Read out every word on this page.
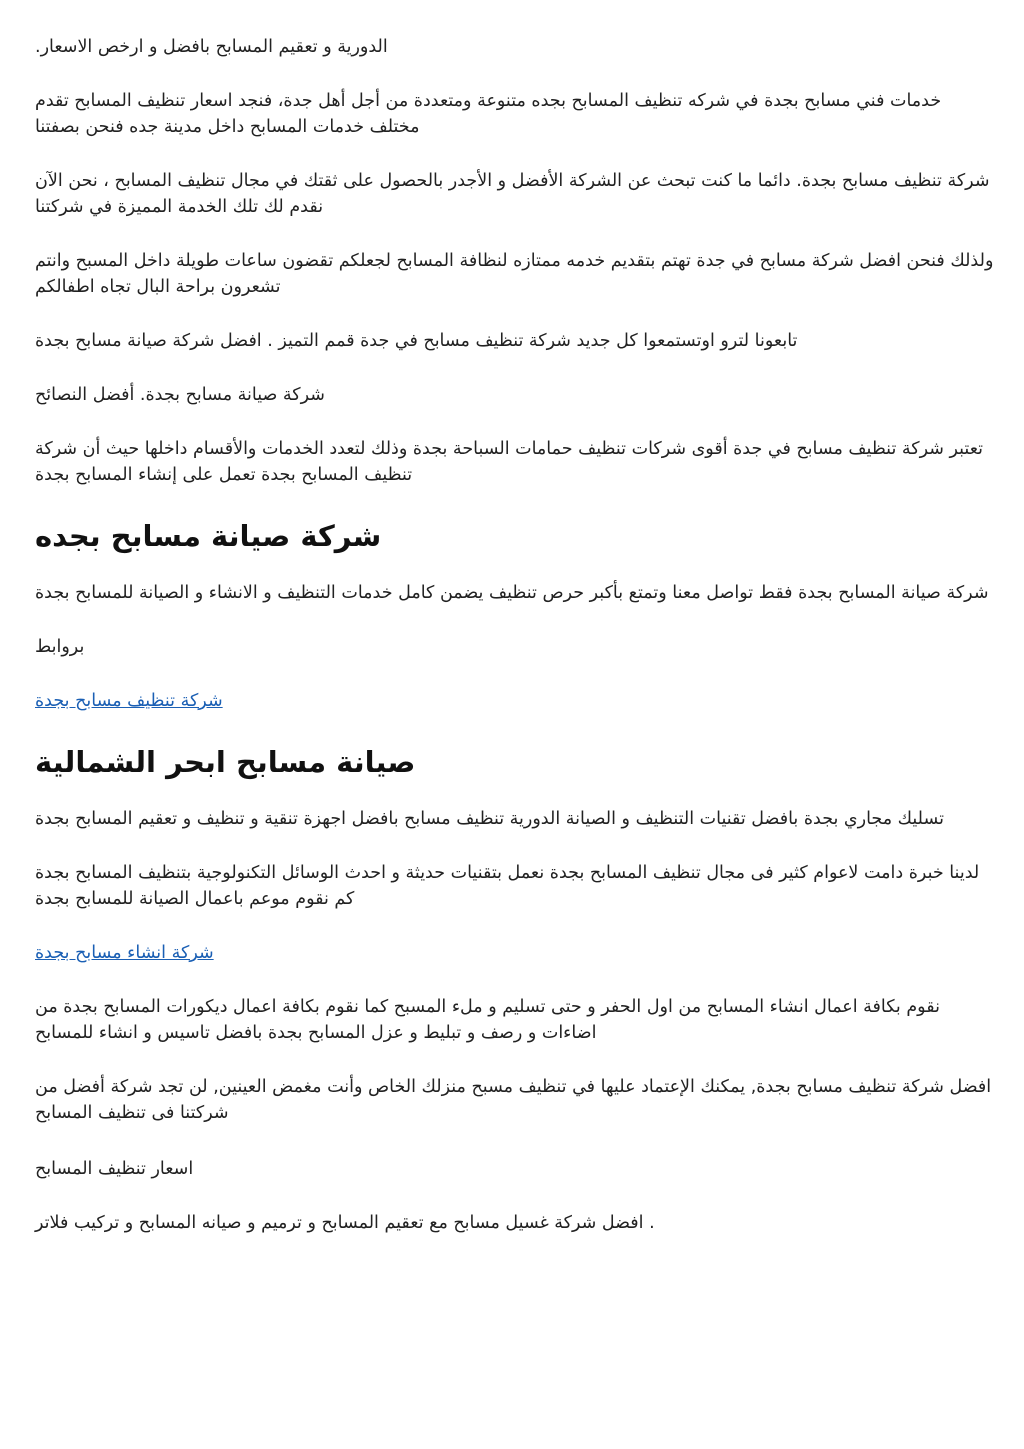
الدورية و تعقيم المسابح بافضل و ارخص الاسعار.

خدمات فني مسابح بجدة في شركه تنظيف المسابح بجده متنوعة ومتعددة من أجل أهل جدة، فنجد اسعار تنظيف المسابح تقدم مختلف خدمات المسابح داخل مدينة جده فنحن بصفتنا

شركة تنظيف مسابح بجدة. دائما ما كنت تبحث عن الشركة الأفضل و الأجدر بالحصول على ثقتك في مجال تنظيف المسابح ، نحن الآن نقدم لك تلك الخدمة المميزة في شركتنا

ولذلك فنحن افضل شركة مسابح في جدة تهتم بتقديم خدمه ممتازه لنظافة المسابح لجعلكم تقضون ساعات طويلة داخل المسبح وانتم تشعرون براحة البال تجاه اطفالكم

تابعونا لترو اوتستمعوا كل جديد شركة تنظيف مسابح في جدة قمم التميز . افضل شركة صيانة مسابح بجدة

شركة صيانة مسابح بجدة. أفضل النصائح

تعتبر شركة تنظيف مسابح في جدة أقوى شركات تنظيف حمامات السباحة بجدة وذلك لتعدد الخدمات والأقسام داخلها حيث أن شركة تنظيف المسابح بجدة تعمل على إنشاء المسابح بجدة

شركة صيانة مسابح بجده

شركة صيانة المسابح بجدة فقط تواصل معنا وتمتع بأكبر حرص تنظيف يضمن كامل خدمات التنظيف و الانشاء و الصيانة للمسابح بجدة

بروابط

شركة تنظيف مسابح بجدة
صيانة مسابح ابحر الشمالية

تسليك مجاري بجدة بافضل تقنيات التنظيف و الصيانة الدورية تنظيف مسابح بافضل اجهزة تنقية و تنظيف و تعقيم المسابح بجدة

لدينا خبرة دامت لاعوام كثير فى مجال تنظيف المسابح بجدة نعمل بتقنيات حديثة و احدث الوسائل التكنولوجية بتنظيف المسابح بجدة كم نقوم موعم باعمال الصيانة للمسابح بجدة

شركة انشاء مسابح بجدة

نقوم بكافة اعمال انشاء المسابح من اول الحفر و حتى تسليم و ملء المسبح كما نقوم بكافة اعمال ديكورات المسابح بجدة من اضاءات و رصف و تبليط و عزل المسابح بجدة بافضل تاسيس و انشاء للمسابح

افضل شركة تنظيف مسابح بجدة, يمكنك الإعتماد عليها في تنظيف مسبح منزلك الخاص وأنت مغمض العينين, لن تجد شركة أفضل من شركتنا فى تنظيف المسابح

اسعار تنظيف المسابح

. افضل شركة غسيل مسابح مع تعقيم المسابح و ترميم و صيانه المسابح و تركيب فلاتر
